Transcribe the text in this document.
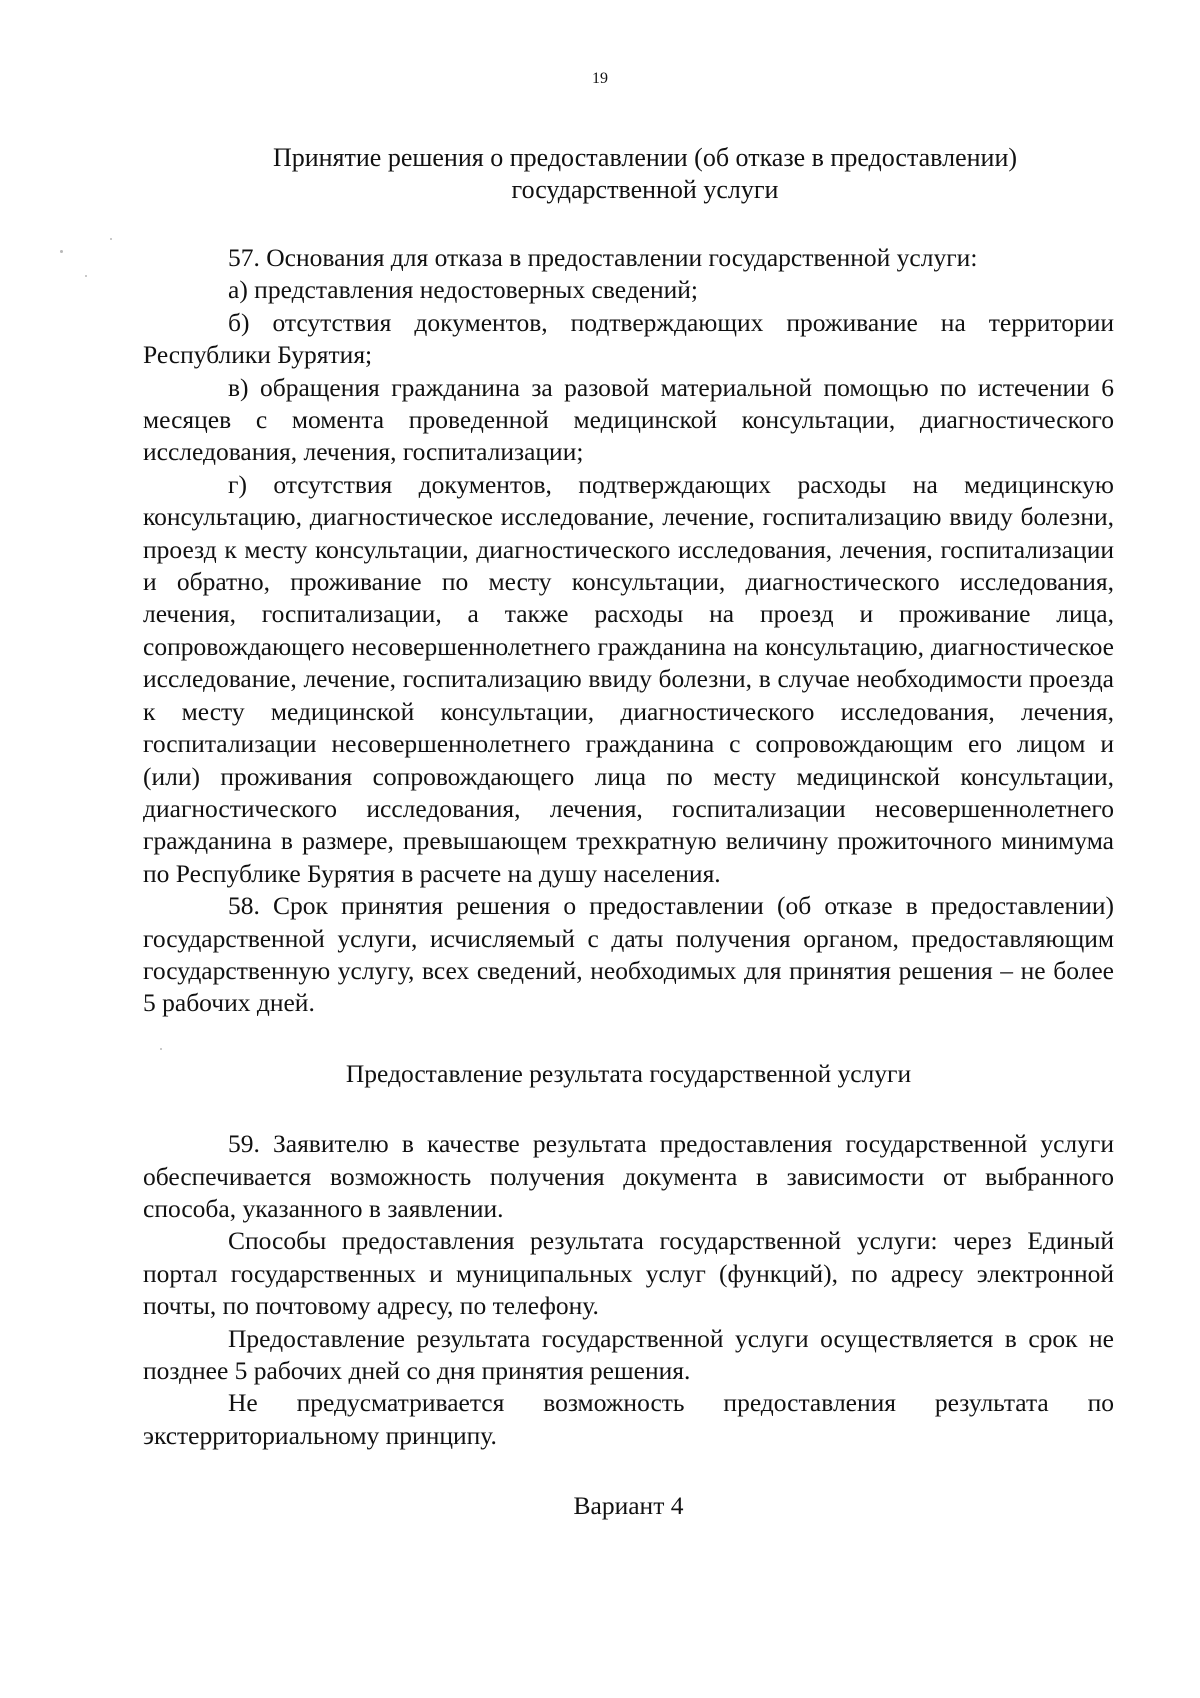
19
Принятие решения о предоставлении (об отказе в предоставлении)
государственной услуги

57. Основания для отказа в предоставлении государственной услуги:

а) представления недостоверных сведений;

б) отсутствия документов, подтверждающих проживание на территории Республики Бурятия;

в) обращения гражданина за разовой материальной помощью по истечении 6 месяцев с момента проведенной медицинской консультации, диагностического исследования, лечения, госпитализации;

г) отсутствия документов, подтверждающих расходы на медицинскую консультацию, диагностическое исследование, лечение, госпитализацию ввиду болезни, проезд к месту консультации, диагностического исследования, лечения, госпитализации и обратно, проживание по месту консультации, диагностического исследования, лечения, госпитализации, а также расходы на проезд и проживание лица, сопровождающего несовершеннолетнего гражданина на консультацию, диагностическое исследование, лечение, госпитализацию ввиду болезни, в случае необходимости проезда к месту медицинской консультации, диагностического исследования, лечения, госпитализации несовершеннолетнего гражданина с сопровождающим его лицом и (или) проживания сопровождающего лица по месту медицинской консультации, диагностического исследования, лечения, госпитализации несовершеннолетнего гражданина в размере, превышающем трехкратную величину прожиточного минимума по Республике Бурятия в расчете на душу населения.

58. Срок принятия решения о предоставлении (об отказе в предоставлении) государственной услуги, исчисляемый с даты получения органом, предоставляющим государственную услугу, всех сведений, необходимых для принятия решения – не более 5 рабочих дней.

Предоставление результата государственной услуги

59. Заявителю в качестве результата предоставления государственной услуги обеспечивается возможность получения документа в зависимости от выбранного способа, указанного в заявлении.

Способы предоставления результата государственной услуги: через Единый портал государственных и муниципальных услуг (функций), по адресу электронной почты, по почтовому адресу, по телефону.

Предоставление результата государственной услуги осуществляется в срок не позднее 5 рабочих дней со дня принятия решения.

Не предусматривается возможность предоставления результата по экстерриториальному принципу.

Вариант 4
